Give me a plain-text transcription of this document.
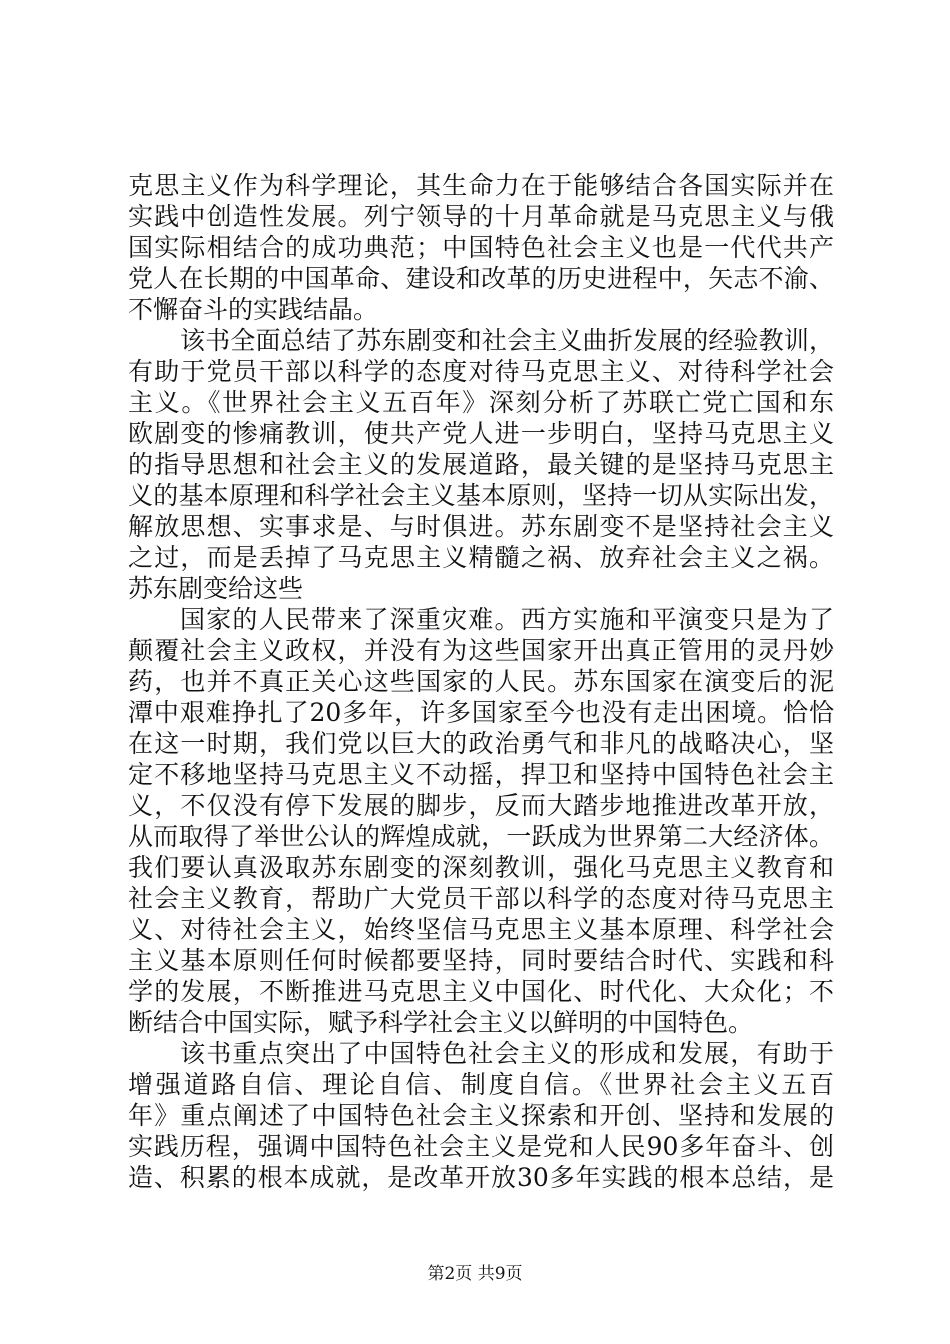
克思主义作为科学理论，其生命力在于能够结合各国实际并在
实践中创造性发展。列宁领导的十月革命就是马克思主义与俄
国实际相结合的成功典范；中国特色社会主义也是一代代共产
党人在长期的中国革命、建设和改革的历史进程中，矢志不渝、
不懈奋斗的实践结晶。
该书全面总结了苏东剧变和社会主义曲折发展的经验教训，
有助于党员干部以科学的态度对待马克思主义、对待科学社会
主义。《世界社会主义五百年》深刻分析了苏联亡党亡国和东
欧剧变的惨痛教训，使共产党人进一步明白，坚持马克思主义
的指导思想和社会主义的发展道路，最关键的是坚持马克思主
义的基本原理和科学社会主义基本原则，坚持一切从实际出发，
解放思想、实事求是、与时俱进。苏东剧变不是坚持社会主义
之过，而是丢掉了马克思主义精髓之祸、放弃社会主义之祸。
苏东剧变给这些
国家的人民带来了深重灾难。西方实施和平演变只是为了
颠覆社会主义政权，并没有为这些国家开出真正管用的灵丹妙
药，也并不真正关心这些国家的人民。苏东国家在演变后的泥
潭中艰难挣扎了20多年，许多国家至今也没有走出困境。恰恰
在这一时期，我们党以巨大的政治勇气和非凡的战略决心，坚
定不移地坚持马克思主义不动摇，捍卫和坚持中国特色社会主
义，不仅没有停下发展的脚步，反而大踏步地推进改革开放，
从而取得了举世公认的辉煌成就，一跃成为世界第二大经济体。
我们要认真汲取苏东剧变的深刻教训，强化马克思主义教育和
社会主义教育，帮助广大党员干部以科学的态度对待马克思主
义、对待社会主义，始终坚信马克思主义基本原理、科学社会
主义基本原则任何时候都要坚持，同时要结合时代、实践和科
学的发展，不断推进马克思主义中国化、时代化、大众化；不
断结合中国实际，赋予科学社会主义以鲜明的中国特色。
该书重点突出了中国特色社会主义的形成和发展，有助于
增强道路自信、理论自信、制度自信。《世界社会主义五百
年》重点阐述了中国特色社会主义探索和开创、坚持和发展的
实践历程，强调中国特色社会主义是党和人民90多年奋斗、创
造、积累的根本成就，是改革开放30多年实践的根本总结，是
第2页 共9页
